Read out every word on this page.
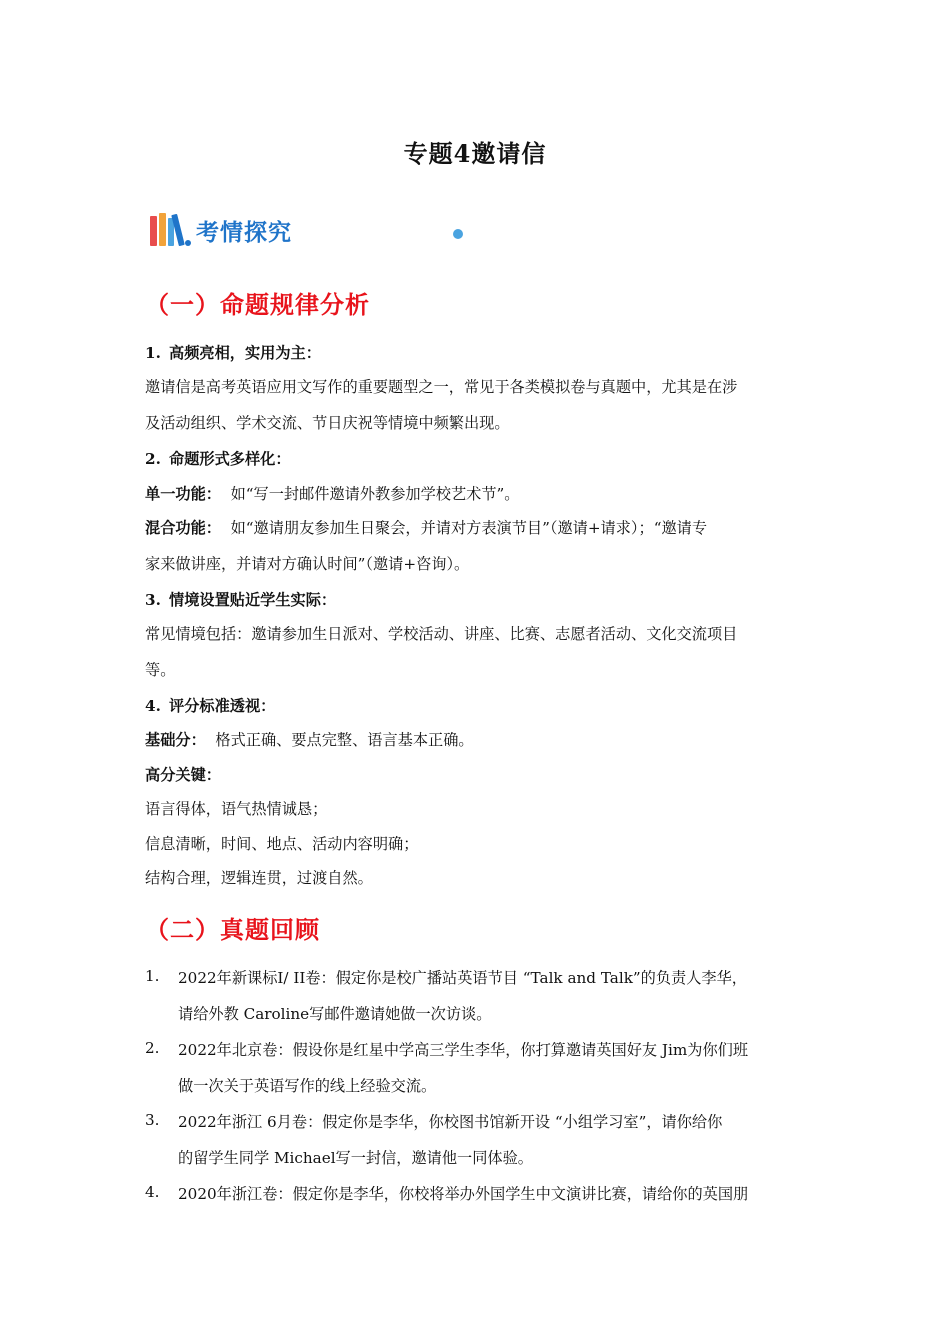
专题4邀请信
考情探究
（一）命题规律分析
1. 高频亮相，实用为主：
邀请信是高考英语应用文写作的重要题型之一，常见于各类模拟卷与真题中，尤其是在涉
及活动组织、学术交流、节日庆祝等情境中频繁出现。
2. 命题形式多样化：
单一功能： 如“写一封邮件邀请外教参加学校艺术节”。
混合功能： 如“邀请朋友参加生日聚会，并请对方表演节目”（邀请+请求）；“邀请专
家来做讲座，并请对方确认时间”（邀请+咨询）。
3. 情境设置贴近学生实际：
常见情境包括：邀请参加生日派对、学校活动、讲座、比赛、志愿者活动、文化交流项目
等。
4. 评分标准透视：
基础分： 格式正确、要点完整、语言基本正确。
高分关键：
语言得体，语气热情诚恳；
信息清晰，时间、地点、活动内容明确；
结构合理，逻辑连贯，过渡自然。
（二）真题回顾
1.	2022年新课标I/ II卷：假定你是校广播站英语节目 “Talk and Talk”的负责人李华，
请给外教 Caroline写邮件邀请她做一次访谈。
2.	2022年北京卷：假设你是红星中学高三学生李华，你打算邀请英国好友 Jim为你们班
做一次关于英语写作的线上经验交流。
3.	2022年浙江 6月卷：假定你是李华，你校图书馆新开设 “小组学习室”，请你给你
的留学生同学 Michael写一封信，邀请他一同体验。
4.	2020年浙江卷：假定你是李华，你校将举办外国学生中文演讲比赛，请给你的英国朋
